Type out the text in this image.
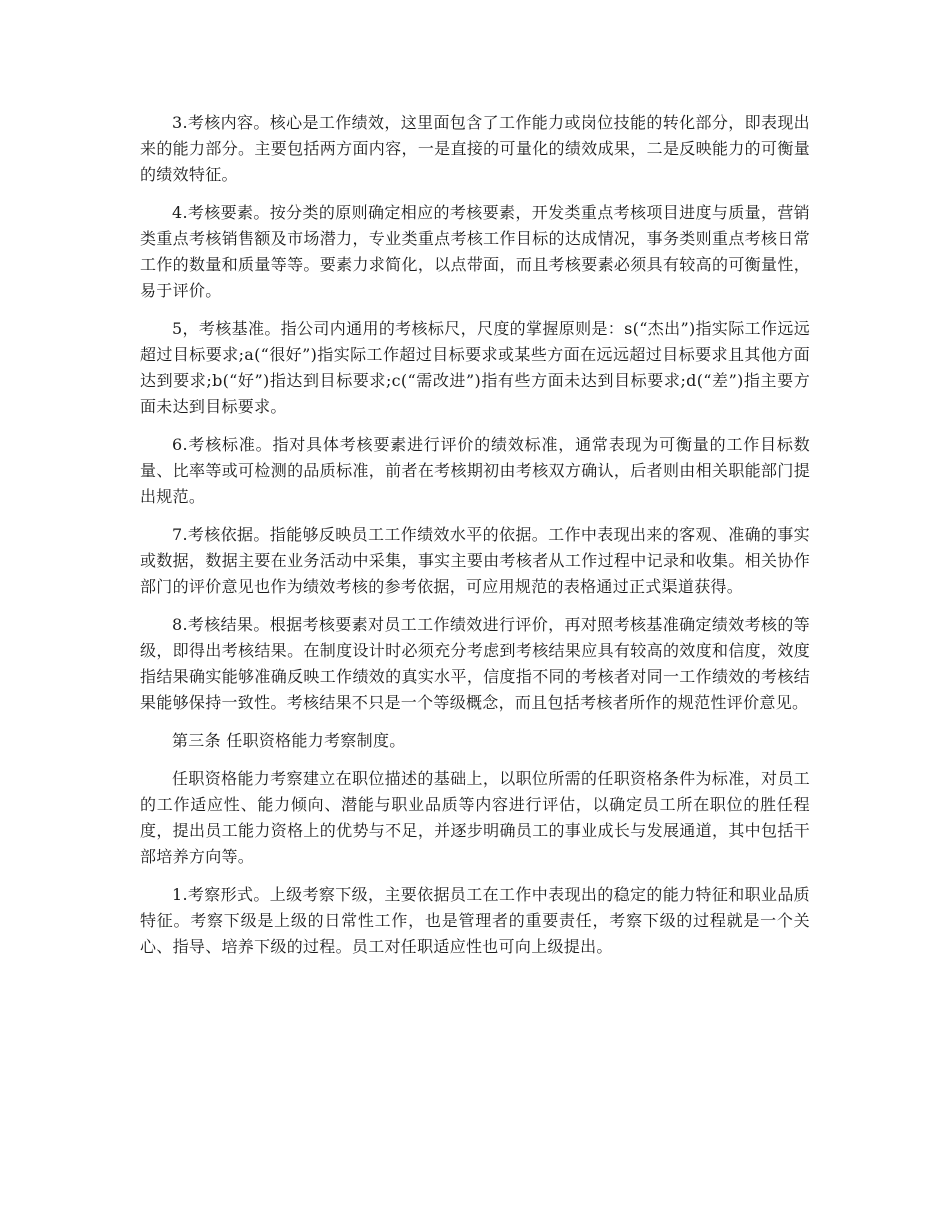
3.考核内容。核心是工作绩效，这里面包含了工作能力或岗位技能的转化部分，即表现出来的能力部分。主要包括两方面内容，一是直接的可量化的绩效成果，二是反映能力的可衡量的绩效特征。

4.考核要素。按分类的原则确定相应的考核要素，开发类重点考核项目进度与质量，营销类重点考核销售额及市场潜力，专业类重点考核工作目标的达成情况，事务类则重点考核日常工作的数量和质量等等。要素力求简化，以点带面，而且考核要素必须具有较高的可衡量性，易于评价。

5，考核基准。指公司内通用的考核标尺，尺度的掌握原则是：s(“杰出”)指实际工作远远超过目标要求;a(“很好”)指实际工作超过目标要求或某些方面在远远超过目标要求且其他方面达到要求;b(“好”)指达到目标要求;c(“需改进”)指有些方面未达到目标要求;d(“差”)指主要方面未达到目标要求。

6.考核标准。指对具体考核要素进行评价的绩效标准，通常表现为可衡量的工作目标数量、比率等或可检测的品质标准，前者在考核期初由考核双方确认，后者则由相关职能部门提出规范。

7.考核依据。指能够反映员工工作绩效水平的依据。工作中表现出来的客观、准确的事实或数据，数据主要在业务活动中采集，事实主要由考核者从工作过程中记录和收集。相关协作部门的评价意见也作为绩效考核的参考依据，可应用规范的表格通过正式渠道获得。

8.考核结果。根据考核要素对员工工作绩效进行评价，再对照考核基准确定绩效考核的等级，即得出考核结果。在制度设计时必须充分考虑到考核结果应具有较高的效度和信度，效度指结果确实能够准确反映工作绩效的真实水平，信度指不同的考核者对同一工作绩效的考核结果能够保持一致性。考核结果不只是一个等级概念，而且包括考核者所作的规范性评价意见。

第三条 任职资格能力考察制度。

任职资格能力考察建立在职位描述的基础上，以职位所需的任职资格条件为标准，对员工的工作适应性、能力倾向、潜能与职业品质等内容进行评估，以确定员工所在职位的胜任程度，提出员工能力资格上的优势与不足，并逐步明确员工的事业成长与发展通道，其中包括干部培养方向等。

1.考察形式。上级考察下级，主要依据员工在工作中表现出的稳定的能力特征和职业品质特征。考察下级是上级的日常性工作，也是管理者的重要责任，考察下级的过程就是一个关心、指导、培养下级的过程。员工对任职适应性也可向上级提出。
